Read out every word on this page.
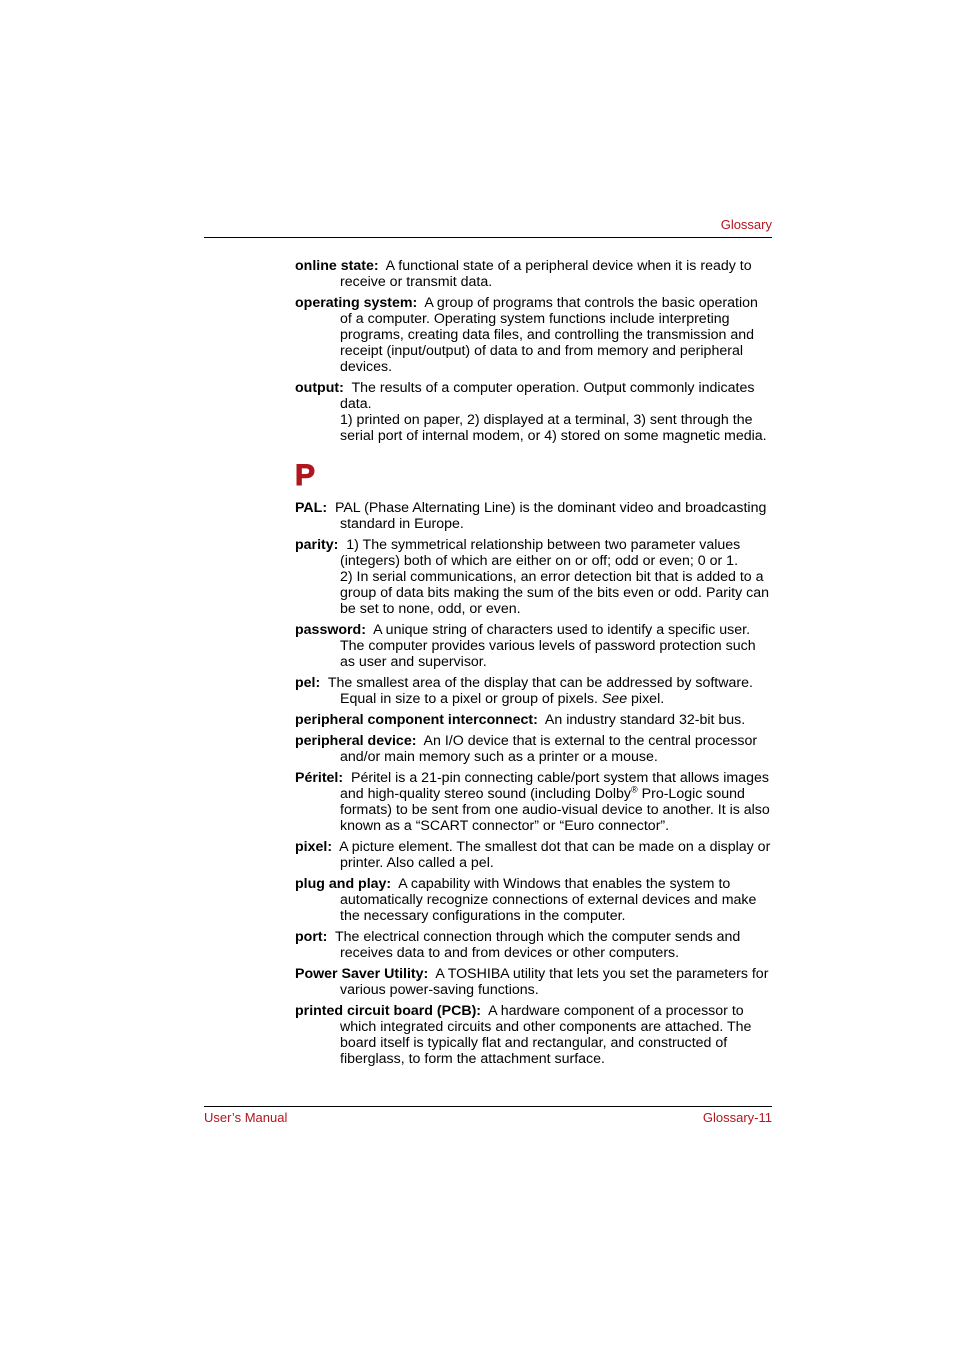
Glossary

online state: A functional state of a peripheral device when it is ready to receive or transmit data.

operating system: A group of programs that controls the basic operation of a computer. Operating system functions include interpreting programs, creating data files, and controlling the transmission and receipt (input/output) of data to and from memory and peripheral devices.

output: The results of a computer operation. Output commonly indicates data.
1) printed on paper, 2) displayed at a terminal, 3) sent through the serial port of internal modem, or 4) stored on some magnetic media.

P

PAL: PAL (Phase Alternating Line) is the dominant video and broadcasting standard in Europe.

parity: 1) The symmetrical relationship between two parameter values (integers) both of which are either on or off; odd or even; 0 or 1.
2) In serial communications, an error detection bit that is added to a group of data bits making the sum of the bits even or odd. Parity can be set to none, odd, or even.

password: A unique string of characters used to identify a specific user. The computer provides various levels of password protection such as user and supervisor.

pel: The smallest area of the display that can be addressed by software. Equal in size to a pixel or group of pixels. See pixel.

peripheral component interconnect: An industry standard 32-bit bus.

peripheral device: An I/O device that is external to the central processor and/or main memory such as a printer or a mouse.

Péritel: Péritel is a 21-pin connecting cable/port system that allows images and high-quality stereo sound (including Dolby® Pro-Logic sound formats) to be sent from one audio-visual device to another. It is also known as a “SCART connector” or “Euro connector”.

pixel: A picture element. The smallest dot that can be made on a display or printer. Also called a pel.

plug and play: A capability with Windows that enables the system to automatically recognize connections of external devices and make the necessary configurations in the computer.

port: The electrical connection through which the computer sends and receives data to and from devices or other computers.

Power Saver Utility: A TOSHIBA utility that lets you set the parameters for various power-saving functions.

printed circuit board (PCB): A hardware component of a processor to which integrated circuits and other components are attached. The board itself is typically flat and rectangular, and constructed of fiberglass, to form the attachment surface.

User’s Manual	Glossary-11
